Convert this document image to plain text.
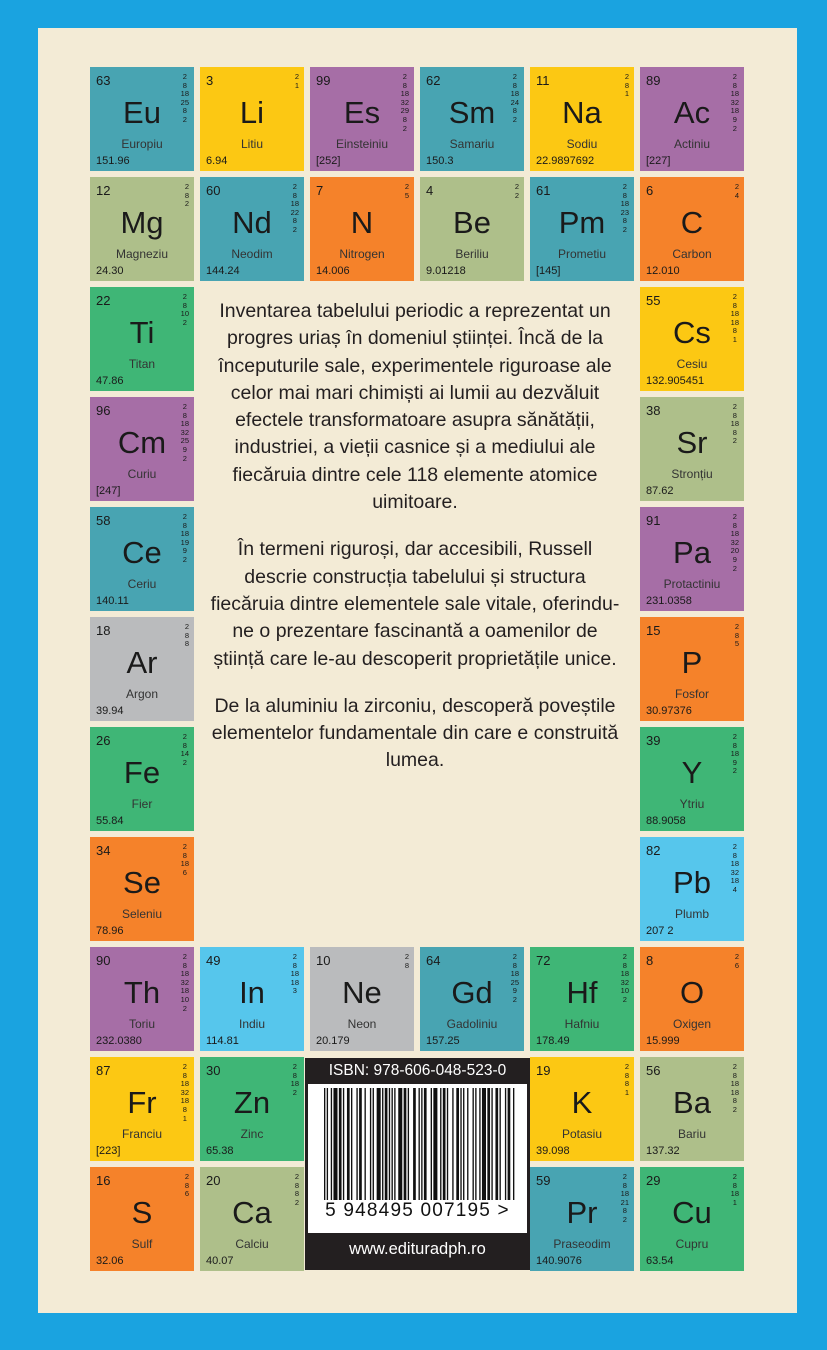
63	2
8
18
25
8
2
Eu
Europiu
151.96
3	2
1
Li
Litiu
6.94
99	2
8
18
32
29
8
2
Es
Einsteiniu
[252]
62	2
8
18
24
8
2
Sm
Samariu
150.3
11	2
8
1
Na
Sodiu
22.9897692
89	2
8
18
32
18
9
2
Ac
Actiniu
[227]
12	2
8
2
Mg
Magneziu
24.30
60	2
8
18
22
8
2
Nd
Neodim
144.24
7	2
5
N
Nitrogen
14.006
4	2
2
Be
Beriliu
9.01218
61	2
8
18
23
8
2
Pm
Prometiu
[145]
6	2
4
C
Carbon
12.010
22	2
8
10
2
Ti
Titan
47.86
55	2
8
18
18
8
1
Cs
Cesiu
132.905451
96	2
8
18
32
25
9
2
Cm
Curiu
[247]
38	2
8
18
8
2
Sr
Stronțiu
87.62
58	2
8
18
19
9
2
Ce
Ceriu
140.11
91	2
8
18
32
20
9
2
Pa
Protactiniu
231.0358
18	2
8
8
Ar
Argon
39.94
15	2
8
5
P
Fosfor
30.97376
26	2
8
14
2
Fe
Fier
55.84
39	2
8
18
9
2
Y
Ytriu
88.9058
34	2
8
18
6
Se
Seleniu
78.96
82	2
8
18
32
18
4
Pb
Plumb
207 2
90	2
8
18
32
18
10
2
Th
Toriu
232.0380
49	2
8
18
18
3
In
Indiu
114.81
10	2
8
Ne
Neon
20.179
64	2
8
18
25
9
2
Gd
Gadoliniu
157.25
72	2
8
18
32
10
2
Hf
Hafniu
178.49
8	2
6
O
Oxigen
15.999
87	2
8
18
32
18
8
1
Fr
Franciu
[223]
30	2
8
18
2
Zn
Zinc
65.38
19	2
8
8
1
K
Potasiu
39.098
56	2
8
18
18
8
2
Ba
Bariu
137.32
16	2
8
6
S
Sulf
32.06
20	2
8
8
2
Ca
Calciu
40.07
59	2
8
18
21
8
2
Pr
Praseodim
140.9076
29	2
8
18
1
Cu
Cupru
63.54

Inventarea tabelului periodic a reprezentat un progres uriaș în domeniul științei. Încă de la începuturile sale, experimentele riguroase ale celor mai mari chimiști ai lumii au dezvăluit efectele transformatoare asupra sănătății, industriei, a vieții casnice și a mediului ale fiecăruia dintre cele 118 elemente atomice uimitoare.

În termeni riguroși, dar accesibili, Russell descrie construcția tabelului și structura fiecăruia dintre elementele sale vitale, oferindu-ne o prezentare fascinantă a oamenilor de știință care le-au descoperit proprietățile unice.

De la aluminiu la zirconiu, descoperă poveștile elementelor fundamentale din care e construită lumea.

ISBN: 978-606-048-523-0
5 948495 007195 >
www.edituradph.ro
